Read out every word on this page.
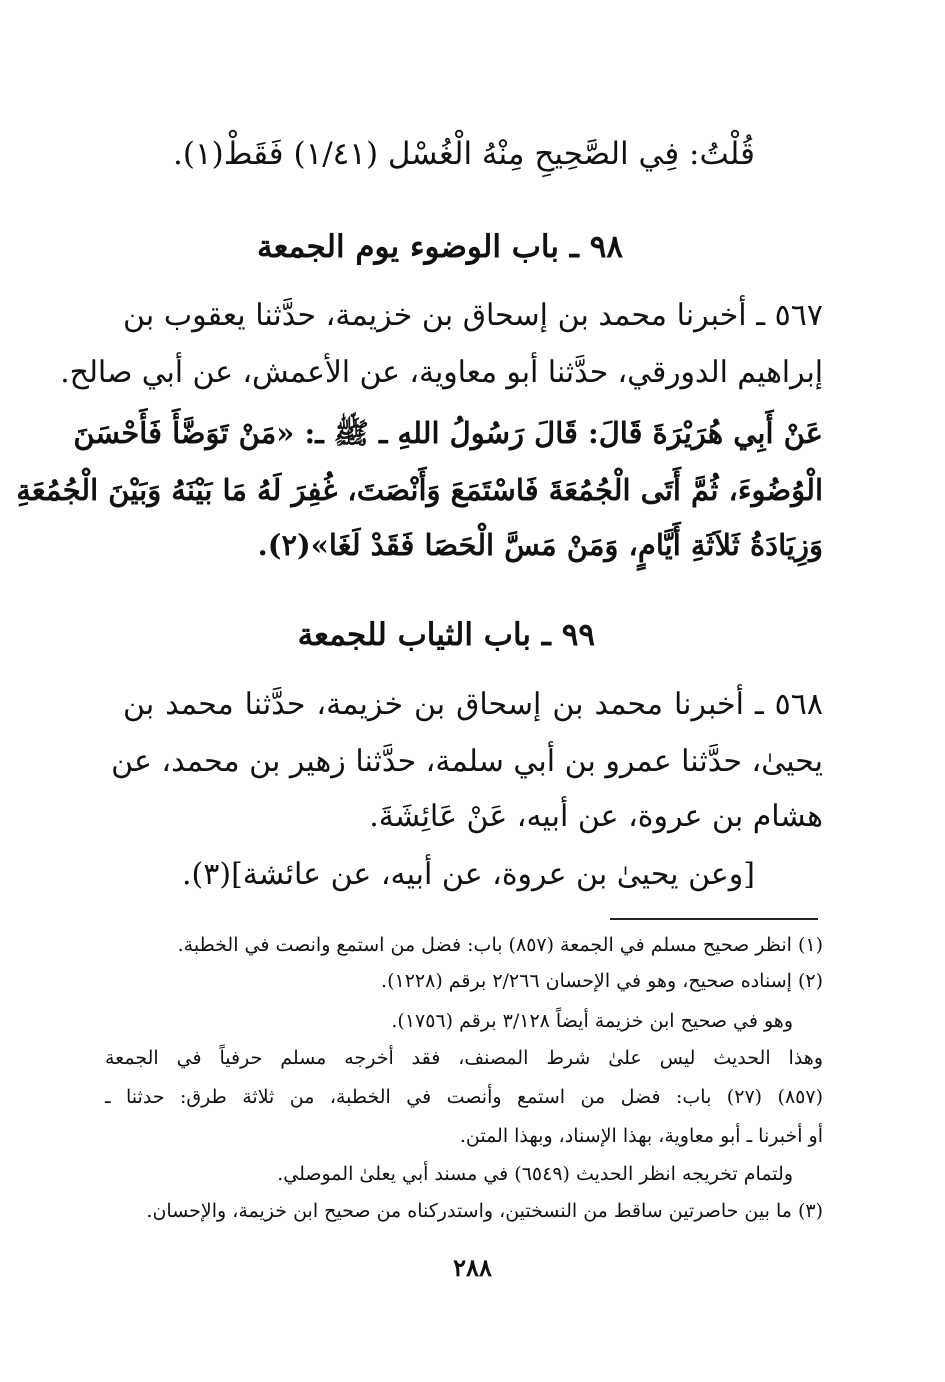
قُلْتُ: فِي الصَّحِيحِ مِنْهُ الْغُسْل (١/٤١) فَقَطْ(١).
٩٨ ـ باب الوضوء يوم الجمعة
٥٦٧ ـ أخبرنا محمد بن إسحاق بن خزيمة، حدَّثنا يعقوب بن
إبراهيم الدورقي، حدَّثنا أبو معاوية، عن الأعمش، عن أبي صالح.
عَنْ أَبِي هُرَيْرَةَ قَالَ: قَالَ رَسُولُ اللهِ ـ ﷺ ـ: «مَنْ تَوَضَّأَ فَأَحْسَنَ
الْوُضُوءَ، ثُمَّ أَتَى الْجُمُعَةَ فَاسْتَمَعَ وَأَنْصَتَ، غُفِرَ لَهُ مَا بَيْنَهُ وَبَيْنَ الْجُمُعَةِ
وَزِيَادَةُ ثَلاَثَةِ أَيَّامٍ، وَمَنْ مَسَّ الْحَصَا فَقَدْ لَغَا»(٢).
٩٩ ـ باب الثياب للجمعة
٥٦٨ ـ أخبرنا محمد بن إسحاق بن خزيمة، حدَّثنا محمد بن
يحيىٰ، حدَّثنا عمرو بن أبي سلمة، حدَّثنا زهير بن محمد، عن
هشام بن عروة، عن أبيه، عَنْ عَائِشَةَ.
[وعن يحيىٰ بن عروة، عن أبيه، عن عائشة](٣).
(١) انظر صحيح مسلم في الجمعة (٨٥٧) باب: فضل من استمع وانصت في الخطبة.
(٢) إسناده صحيح، وهو في الإحسان ٢/٢٦٦ برقم (١٢٢٨).
وهو في صحيح ابن خزيمة أيضاً ٣/١٢٨ برقم (١٧٥٦).
وهذا الحديث ليس علىٰ شرط المصنف، فقد أخرجه مسلم حرفياً في الجمعة
(٨٥٧) (٢٧) باب: فضل من استمع وأنصت في الخطبة، من ثلاثة طرق: حدثنا ـ
أو أخبرنا ـ أبو معاوية، بهذا الإسناد، وبهذا المتن.
ولتمام تخريجه انظر الحديث (٦٥٤٩) في مسند أبي يعلىٰ الموصلي.
(٣) ما بين حاصرتين ساقط من النسختين، واستدركناه من صحيح ابن خزيمة، والإحسان.
٢٨٨
